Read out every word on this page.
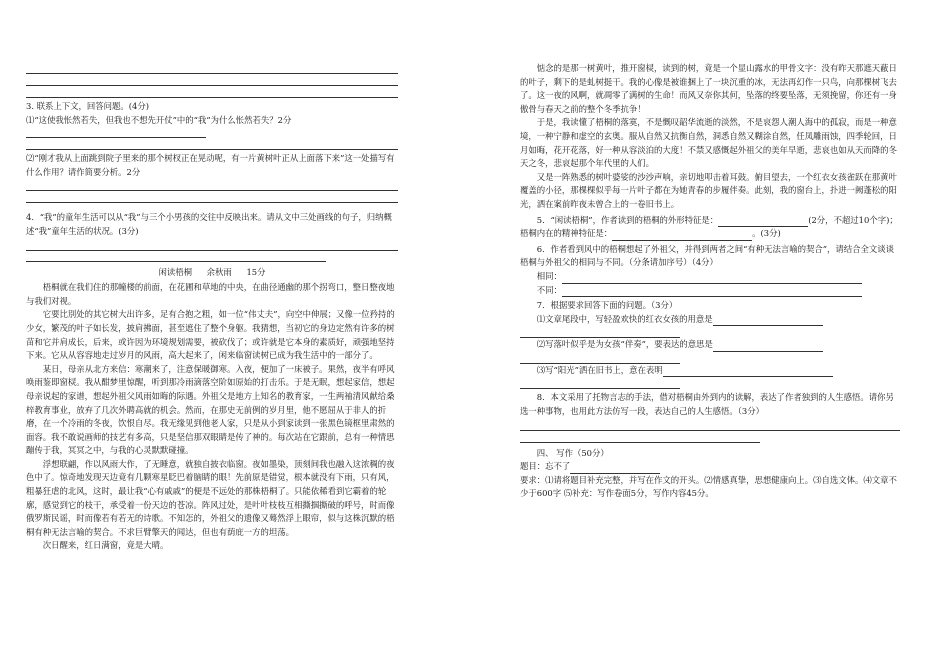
3. 联系上下文，回答问题。(4分)

⑴“这使我怅然若失，但我也不想先开仗”中的“我”为什么怅然若失？2分

⑵“刚才我从上面跳到院子里来的那个树杈正在晃动呢，有一片黄树叶正从上面落下来”这一处描写有什么作用？请作简要分析。2分

4．“我”的童年生活可以从“我”与三个小男孩的交往中反映出来。请从文中三处画线的句子，归纳概述“我”童年生活的状况。(3分)

闲读梧桐 余秋雨 15分

梧桐就在我们住的那幢楼的前面，在花圃和草地的中央，在曲径通幽的那个拐弯口，整日整夜地与我们对视。

它要比別处的其它树大出许多，足有合抱之粗，如一位“伟丈夫”，向空中伸展；又像一位矜持的少女，繁茂的叶子如长发，披肩拂面，甚至遮住了整个身躯。我猜想，当初它的身边定然有许多的树苗和它并肩成长，后来，或许因为环境规划需要，被砍伐了；或许就是它本身的素质好，顽强地坚持下来。它从从容容地走过岁月的风雨，高大起来了，闲来临窗读树已成为我生活中的一部分了。

某日，母亲从北方来信：寒潮来了，注意保暖御寒。入夜，便加了一床被子。果然，夜半有呼风唤雨鉴即窗棂。我从酣梦里惊醒，听到那冷雨滴落空阶如原始的打击乐。于是无眠，想起家信，想起母亲说起的家谱，想起外祖父风雨如晦的际遇。外祖父是地方上知名的教育家，一生两袖清风献给桑梓教育事业，放弃了几次外聘高就的机会。然而，在那史无前例的岁月里，他不愿屈从于非人的折磨，在一个冷雨的冬夜，饮恨自尽。我无缘见到他老人家，只是从小到家读到一张黑色镜框里肃然的面容。我不敢说画师的技艺有多高，只是坚信那双眼睛是传了神的。每次站在它跟前，总有一种情思蹦传于我，冥冥之中，与我的心灵默默碰撞。

浮想联翩，作以风雨大作，了无睡意，就独自披衣临窗。夜如墨染，顶刻间我也融入这浓稠的夜色中了。惊奇地发现天边竟有几颗寒星眨巴着脑睛的眼！先前原是错觉，根本就没有下雨，只有风，粗暴狂虐的北风，这时，最让我“心有戚戚”的便是不远处的那株梧桐了。只能依稀看到它霸着的轮廓，感觉到它的枝干，承受着一份天边的苍凉。阵风过处，是叶叶枝枝互相撕掴撕破的呼号，时而像俄罗斯民谣，时而像若有若无的诗歌。不知怎的，外祖父的遗像又蓦然浮上眼帘，似与这株沉默的梧桐有种无法言喻的契合。不求巨臂擎天的闻达，但也有荫庇一方的坦荡。

次日醒来，红日满窗，竟是大晴。

惦念的是那一树黄叶，推开窗棂，读到的树，竟是一个显山露水的甲骨文字：没有昨天那遮天蔽日的叶子，剩下的是虬树挺干。我的心像是被谁捆上了一块沉重的冰，无法再幻作一只鸟，向那棵树飞去了。这一夜的风啊，就凋零了满树的生命！而风又奈你其何，坠落的终要坠落，无须挽留，你还有一身傲骨与春天之前的整个冬季抗争！

于是，我读懂了梧桐的落寞，不是慨叹韶华流逝的淡然，不是哀怨人潮人海中的孤寂，而是一种意境，一种宁静和虚空的玄奥。服从自然又抗衡自然，洞悉自然又糊涂自然，任凤雕雨蚀，四季轮回，日月如晦，花开花落，好一种从容淡泊的大度！不禁又感慨起外祖父的美年早逝，悲哀也如从天而降的冬天之冬，悲哀起那个年代里的人们。

又是一阵熟悉的树叶婆娑的沙沙声响，亲切地叩击着耳鼓。俯目望去，一个红衣女孩雀跃在那黄叶覆盖的小径，那棵棵似乎每一片叶子都在为她青春的步履伴奏。此刻，我的窗台上，扑进一阙蓬松的阳光，洒在案前昨夜未曾合上的一卷旧书上。

5．“闲读梧桐”，作者读到的梧桐的外形特征是：	(2分，不超过10个字)；梧桐内在的精神特征是：	。(3分)

6．作者看到风中的梧桐想起了外祖父，并得到两者之间“有种无法言喻的契合”，请结合全文谈谈梧桐与外祖父的相同与不同。（分条请加序号）（4分）

相同：

不同：

7．根据要求回答下面的问题。（3分）

⑴文章尾段中，写轻盈欢快的红衣女孩的用意是

⑵写落叶似乎是为女孩“伴奏”，要表达的意思是

⑶写“阳光”洒在旧书上，意在表明

8．本文采用了托物言志的手法，借对梧桐由外到内的读解，表达了作者独到的人生感悟。请你另选一种事物，也用此方法仿写一段，表达自己的人生感悟。（3分）

四、 写作（50分）

题目：忘不了

要求：⑴请将题目补充完整，并写在作文的开头。⑵情感真挚，思想健康向上。⑶自选文体。⑷文章不少于600字 ⑸补充：写作卷面5分，写作内容45分。
